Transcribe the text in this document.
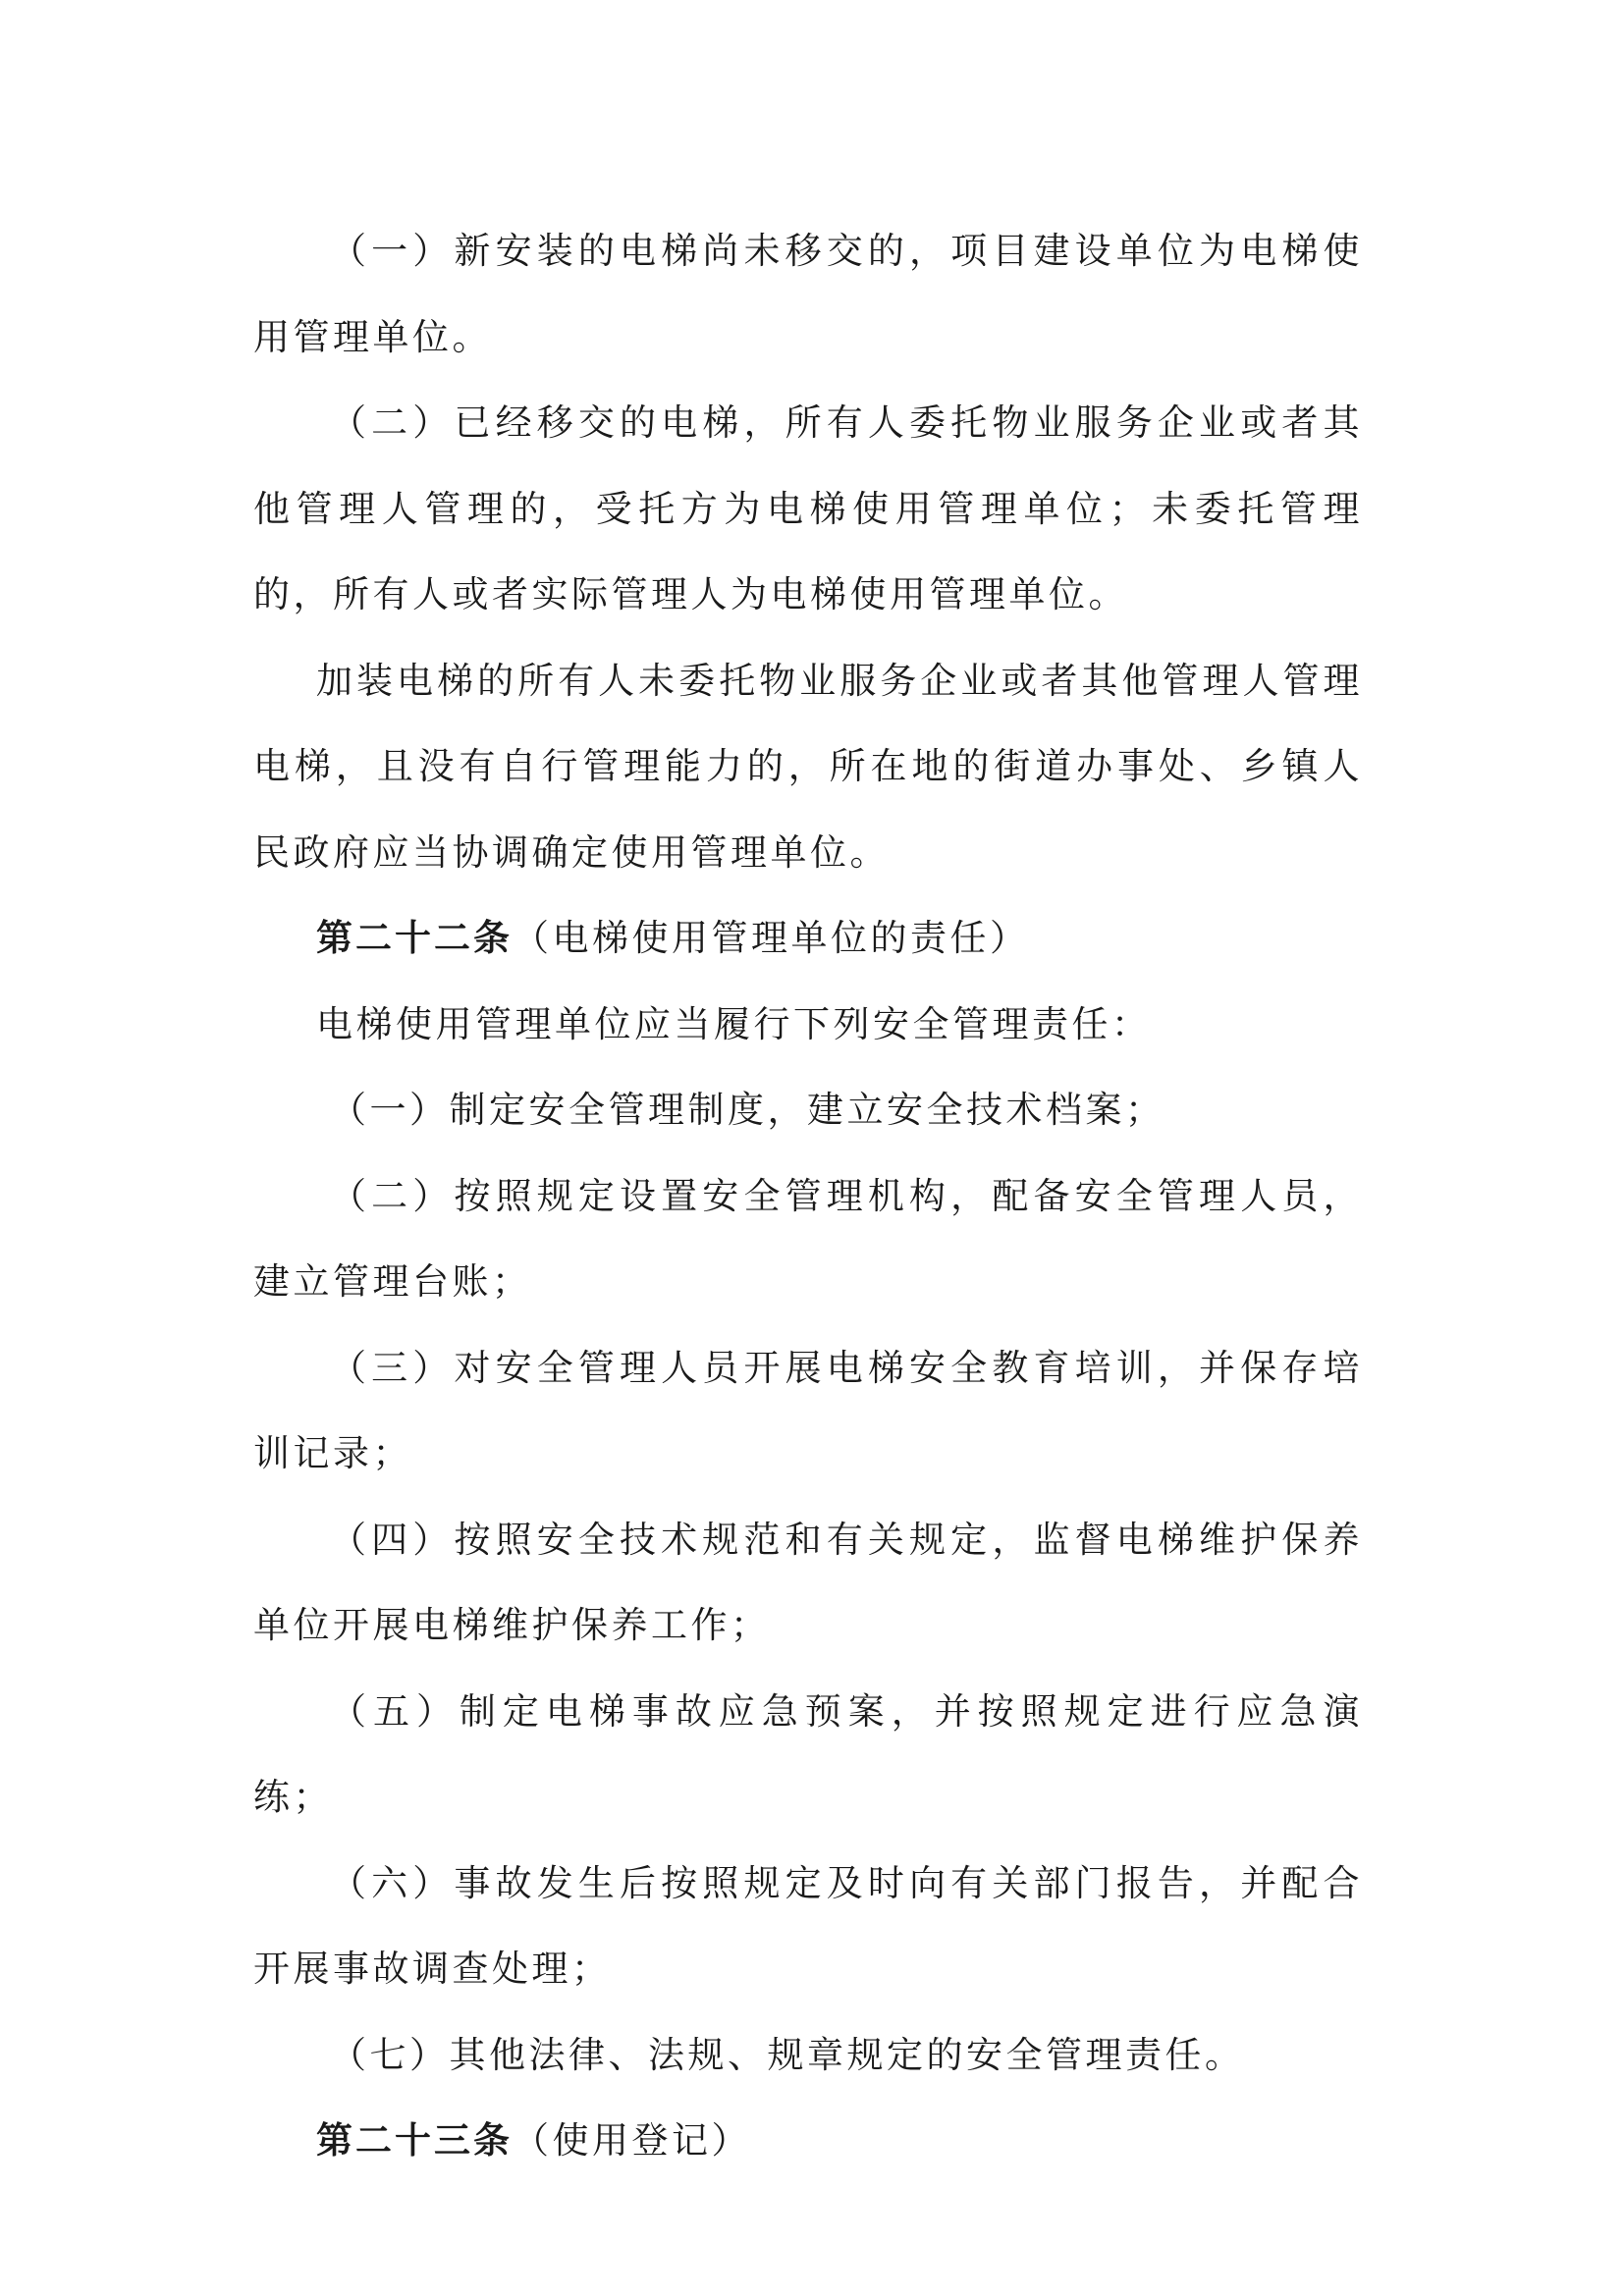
（一）新安装的电梯尚未移交的，项目建设单位为电梯使用管理单位。

（二）已经移交的电梯，所有人委托物业服务企业或者其他管理人管理的，受托方为电梯使用管理单位；未委托管理的，所有人或者实际管理人为电梯使用管理单位。

加装电梯的所有人未委托物业服务企业或者其他管理人管理电梯，且没有自行管理能力的，所在地的街道办事处、乡镇人民政府应当协调确定使用管理单位。

第二十二条（电梯使用管理单位的责任）

电梯使用管理单位应当履行下列安全管理责任：

（一）制定安全管理制度，建立安全技术档案；

（二）按照规定设置安全管理机构，配备安全管理人员，建立管理台账；

（三）对安全管理人员开展电梯安全教育培训，并保存培训记录；

（四）按照安全技术规范和有关规定，监督电梯维护保养单位开展电梯维护保养工作；

（五）制定电梯事故应急预案，并按照规定进行应急演练；

（六）事故发生后按照规定及时向有关部门报告，并配合开展事故调查处理；

（七）其他法律、法规、规章规定的安全管理责任。

第二十三条（使用登记）
